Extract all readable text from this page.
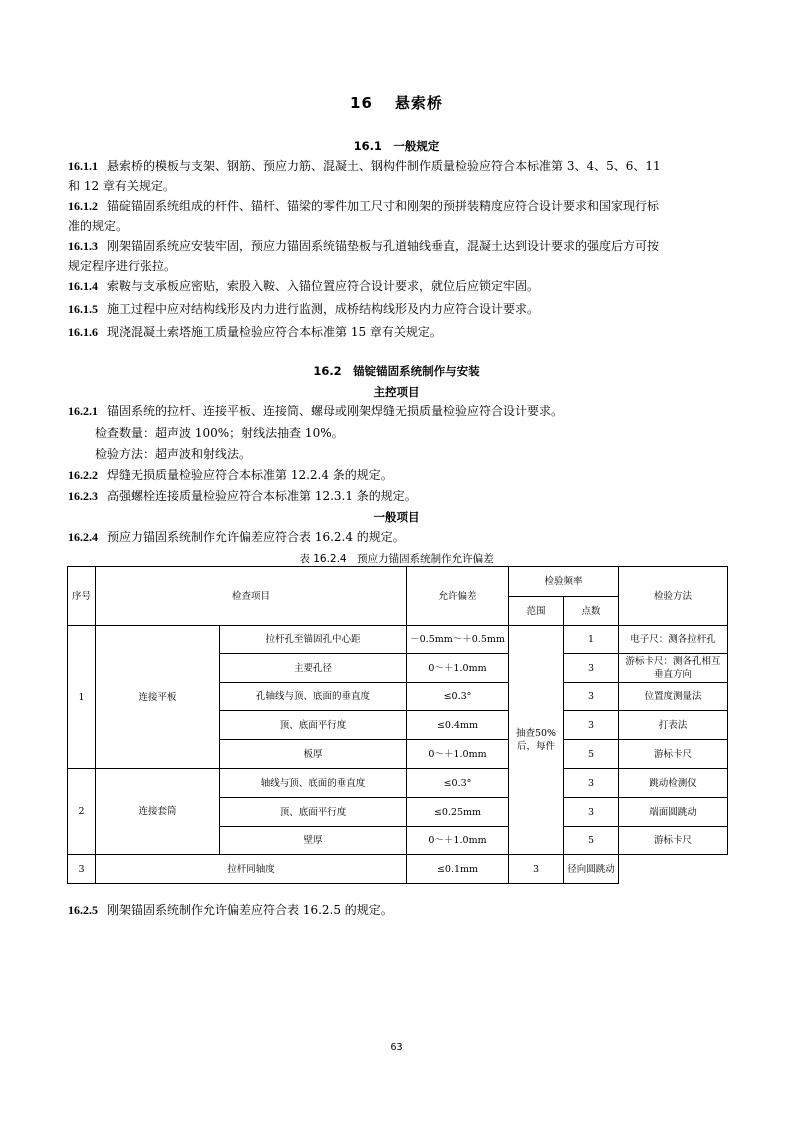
16 悬索桥
16.1　一般规定
16.1.1 悬索桥的模板与支架、钢筋、预应力筋、混凝土、钢构件制作质量检验应符合本标准第 3、4、5、6、11
和 12 章有关规定。
16.1.2 锚碇锚固系统组成的杆件、锚杆、锚梁的零件加工尺寸和刚架的预拼装精度应符合设计要求和国家现行标
准的规定。
16.1.3 刚架锚固系统应安装牢固，预应力锚固系统锚垫板与孔道轴线垂直，混凝土达到设计要求的强度后方可按
规定程序进行张拉。
16.1.4 索鞍与支承板应密贴，索股入鞍、入锚位置应符合设计要求，就位后应锁定牢固。
16.1.5 施工过程中应对结构线形及内力进行监测，成桥结构线形及内力应符合设计要求。
16.1.6 现浇混凝土索塔施工质量检验应符合本标准第 15 章有关规定。
16.2　锚锭锚固系统制作与安装
主控项目
16.2.1 锚固系统的拉杆、连接平板、连接筒、螺母或刚架焊缝无损质量检验应符合设计要求。
检查数量：超声波 100%；射线法抽查 10%。
检验方法：超声波和射线法。
16.2.2 焊缝无损质量检验应符合本标准第 12.2.4 条的规定。
16.2.3 高强螺栓连接质量检验应符合本标准第 12.3.1 条的规定。
一般项目
16.2.4 预应力锚固系统制作允许偏差应符合表 16.2.4 的规定。
表 16.2.4　预应力锚固系统制作允许偏差
序号	检查项目		允许偏差	检验频率		检验方法
				范围	点数	
1	连接平板	拉杆孔至锚固孔中心距	－0.5mm～＋0.5mm	抽查50%后，每件	1	电子尺：测各拉杆孔
		主要孔径	0～＋1.0mm		3	游标卡尺：测各孔相互垂直方向
		孔轴线与顶、底面的垂直度	≤0.3°		3	位置度测量法
		顶、底面平行度	≤0.4mm		3	打表法
		板厚	0～＋1.0mm		5	游标卡尺
2	连接套筒	轴线与顶、底面的垂直度	≤0.3°		3	跳动检测仪
		顶、底面平行度	≤0.25mm		3	端面圆跳动
		壁厚	0～＋1.0mm		5	游标卡尺
3	拉杆同轴度		≤0.1mm	3	径向圆跳动	
16.2.5 刚架锚固系统制作允许偏差应符合表 16.2.5 的规定。
63
